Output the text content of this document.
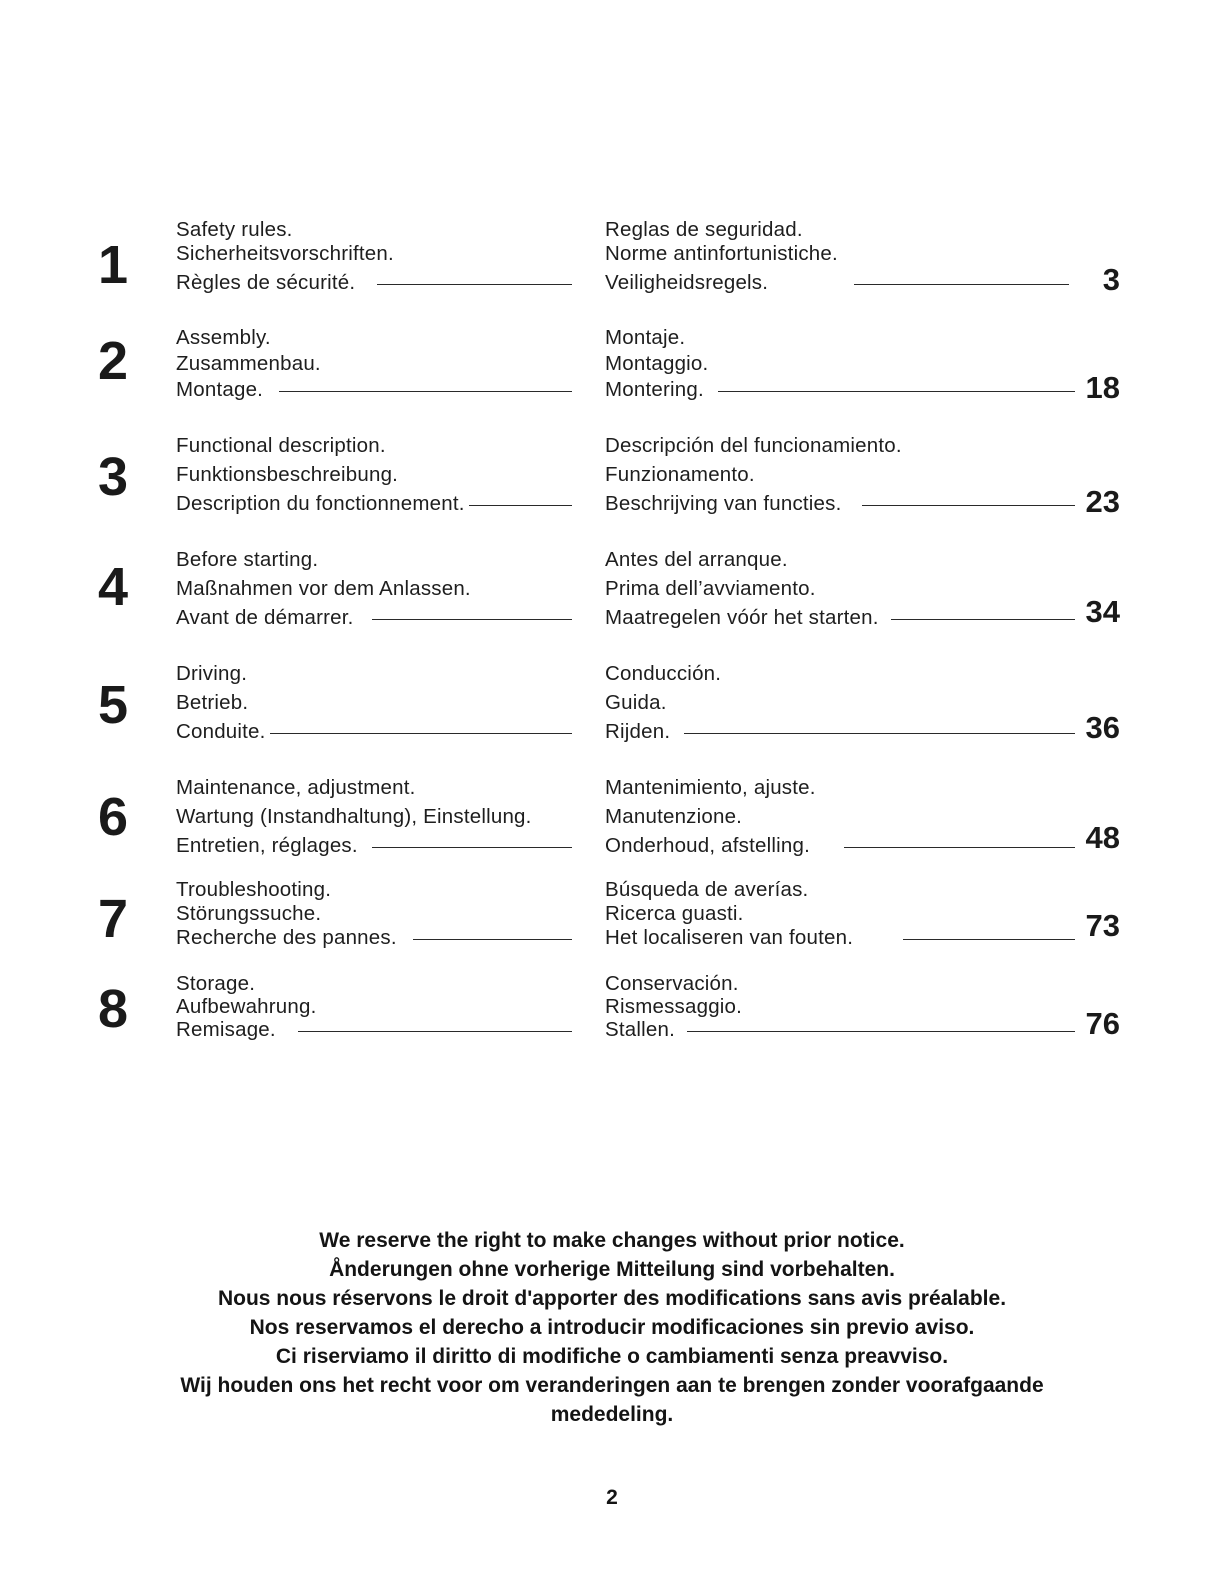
1
Safety rules.
Sicherheitsvorschriften.
Règles de sécurité.
Reglas de seguridad.
Norme antinfortunistiche.
Veiligheidsregels.	3
2	Assembly.
Zusammenbau.
Montage.
Montaje.
Montaggio.
Montering.	18
3
Functional description.
Funktionsbeschreibung.
Description du fonctionnement.
Descripción del funcionamiento.
Funzionamento.
Beschrijving van functies.	23
4	Before starting.
Maßnahmen vor dem Anlassen.
Avant de démarrer.
Antes del arranque.
Prima dell’avviamento.
Maatregelen vóór het starten.	34
5
Driving.
Betrieb.
Conduite.
Conducción.
Guida.
Rijden.	36
6	Maintenance, adjustment.
Wartung (Instandhaltung), Einstellung.
Entretien, réglages.
Mantenimiento, ajuste.
Manutenzione.
Onderhoud, afstelling.	48
7	Troubleshooting.
Störungssuche.
Recherche des pannes.
Búsqueda de averías.
Ricerca guasti.
Het localiseren van fouten.	73
8	Storage.
Aufbewahrung.
Remisage.
Conservación.
Rismessaggio.
Stallen.	76
We reserve the right to make changes without prior notice.
Ånderungen ohne vorherige Mitteilung sind vorbehalten.
Nous nous réservons le droit d'apporter des modifications sans avis préalable.
Nos reservamos el derecho a introducir modificaciones sin previo aviso.
Ci riserviamo il diritto di modifiche o cambiamenti senza preavviso.
Wij houden ons het recht voor om veranderingen aan te brengen zonder voorafgaande
mededeling.
2
